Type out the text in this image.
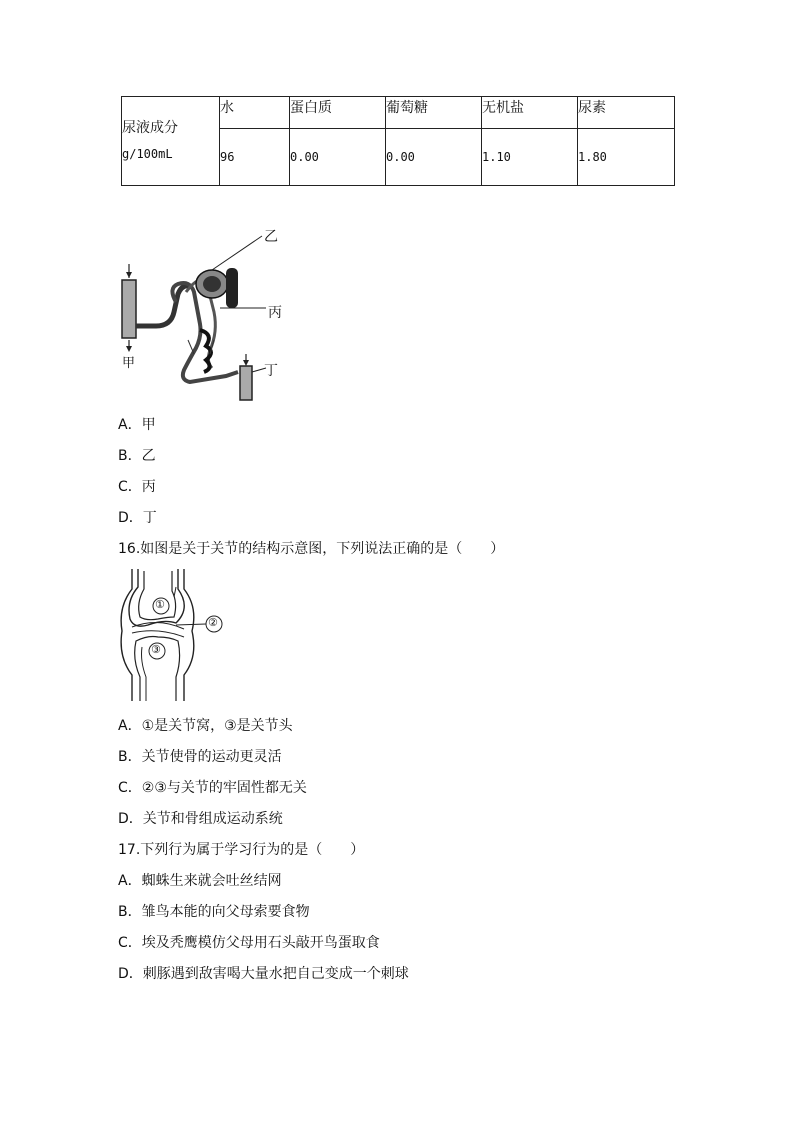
尿液成分
g/100mL	水	蛋白质	葡萄糖	无机盐	尿素
	96	0.00	0.00	1.10	1.80
乙
丙
丁
甲
A．甲
B．乙
C．丙
D．丁
16.如图是关于关节的结构示意图，下列说法正确的是（　　）
①
②
③
A．①是关节窝，③是关节头
B．关节使骨的运动更灵活
C．②③与关节的牢固性都无关
D．关节和骨组成运动系统
17.下列行为属于学习行为的是（　　）
A．蜘蛛生来就会吐丝结网
B．雏鸟本能的向父母索要食物
C．埃及秃鹰模仿父母用石头敲开鸟蛋取食
D．刺豚遇到敌害喝大量水把自己变成一个刺球
